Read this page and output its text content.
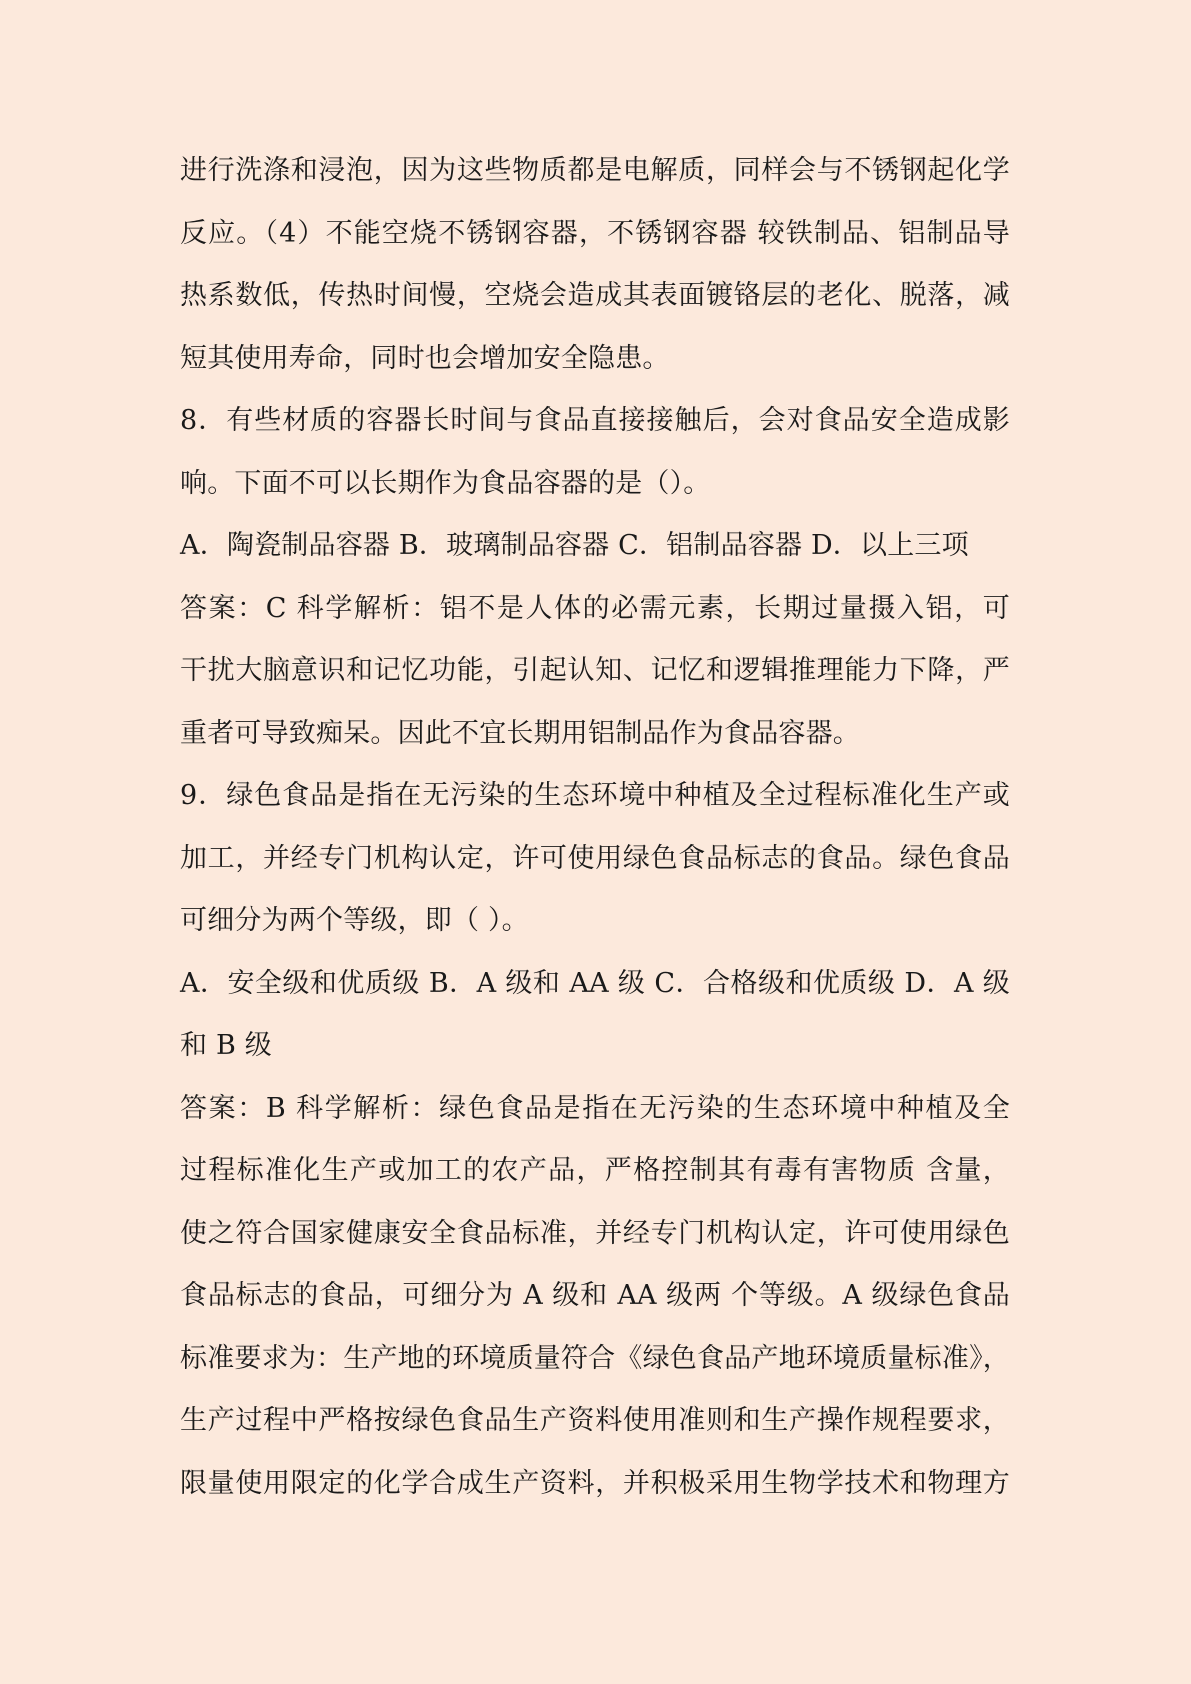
进行洗涤和浸泡，因为这些物质都是电解质，同样会与不锈钢起化学
反应。（4）不能空烧不锈钢容器，不锈钢容器 较铁制品、铝制品导
热系数低，传热时间慢，空烧会造成其表面镀铬层的老化、脱落，减
短其使用寿命，同时也会增加安全隐患。
8．有些材质的容器长时间与食品直接接触后，会对食品安全造成影
响。下面不可以长期作为食品容器的是（）。
A．陶瓷制品容器 B．玻璃制品容器 C．铝制品容器 D．以上三项
答案：C 科学解析：铝不是人体的必需元素，长期过量摄入铝，可
干扰大脑意识和记忆功能，引起认知、记忆和逻辑推理能力下降，严
重者可导致痴呆。因此不宜长期用铝制品作为食品容器。
9．绿色食品是指在无污染的生态环境中种植及全过程标准化生产或
加工，并经专门机构认定，许可使用绿色食品标志的食品。绿色食品
可细分为两个等级，即（ ）。
A．安全级和优质级 B．A 级和 AA 级 C．合格级和优质级 D．A 级
和 B 级
答案：B 科学解析：绿色食品是指在无污染的生态环境中种植及全
过程标准化生产或加工的农产品，严格控制其有毒有害物质 含量，
使之符合国家健康安全食品标准，并经专门机构认定，许可使用绿色
食品标志的食品，可细分为 A 级和 AA 级两 个等级。A 级绿色食品
标准要求为：生产地的环境质量符合《绿色食品产地环境质量标准》，
生产过程中严格按绿色食品生产资料使用准则和生产操作规程要求，
限量使用限定的化学合成生产资料，并积极采用生物学技术和物理方
